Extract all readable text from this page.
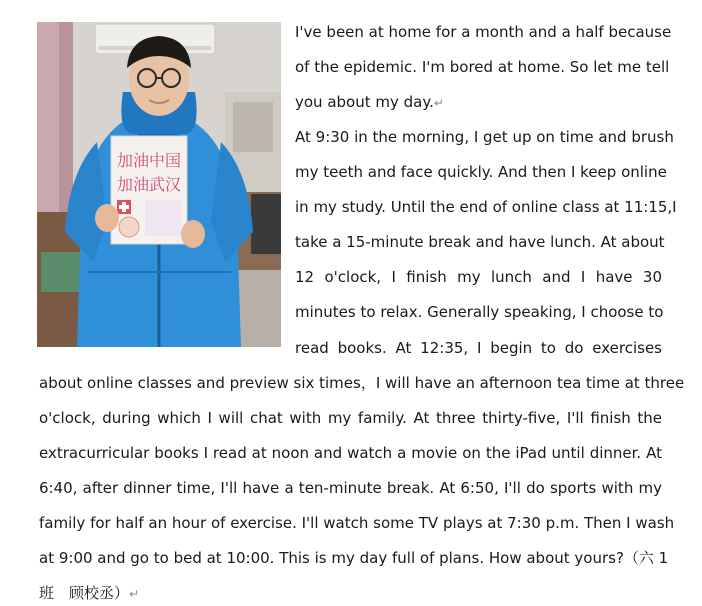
加油中国
加油武汉
I've been at home for a month and a half because
of the epidemic. I'm bored at home. So let me tell
you about my day.↵
At 9:30 in the morning, I get up on time and brush
my teeth and face quickly. And then I keep online
in my study. Until the end of online class at 11:15,I
take a 15-minute break and have lunch. At about
12 o'clock, I finish my lunch and I have 30
minutes to relax. Generally speaking, I choose to
read books. At 12:35, I begin to do exercises
about online classes and preview six times，I will have an afternoon tea time at three
o'clock, during which I will chat with my family. At three thirty-five, I'll finish the
extracurricular books I read at noon and watch a movie on the iPad until dinner. At
6:40, after dinner time, I'll have a ten-minute break. At 6:50, I'll do sports with my
family for half an hour of exercise. I'll watch some TV plays at 7:30 p.m. Then I wash
at 9:00 and go to bed at 10:00. This is my day full of plans. How about yours?（六 1
班　顾校丞）↵
